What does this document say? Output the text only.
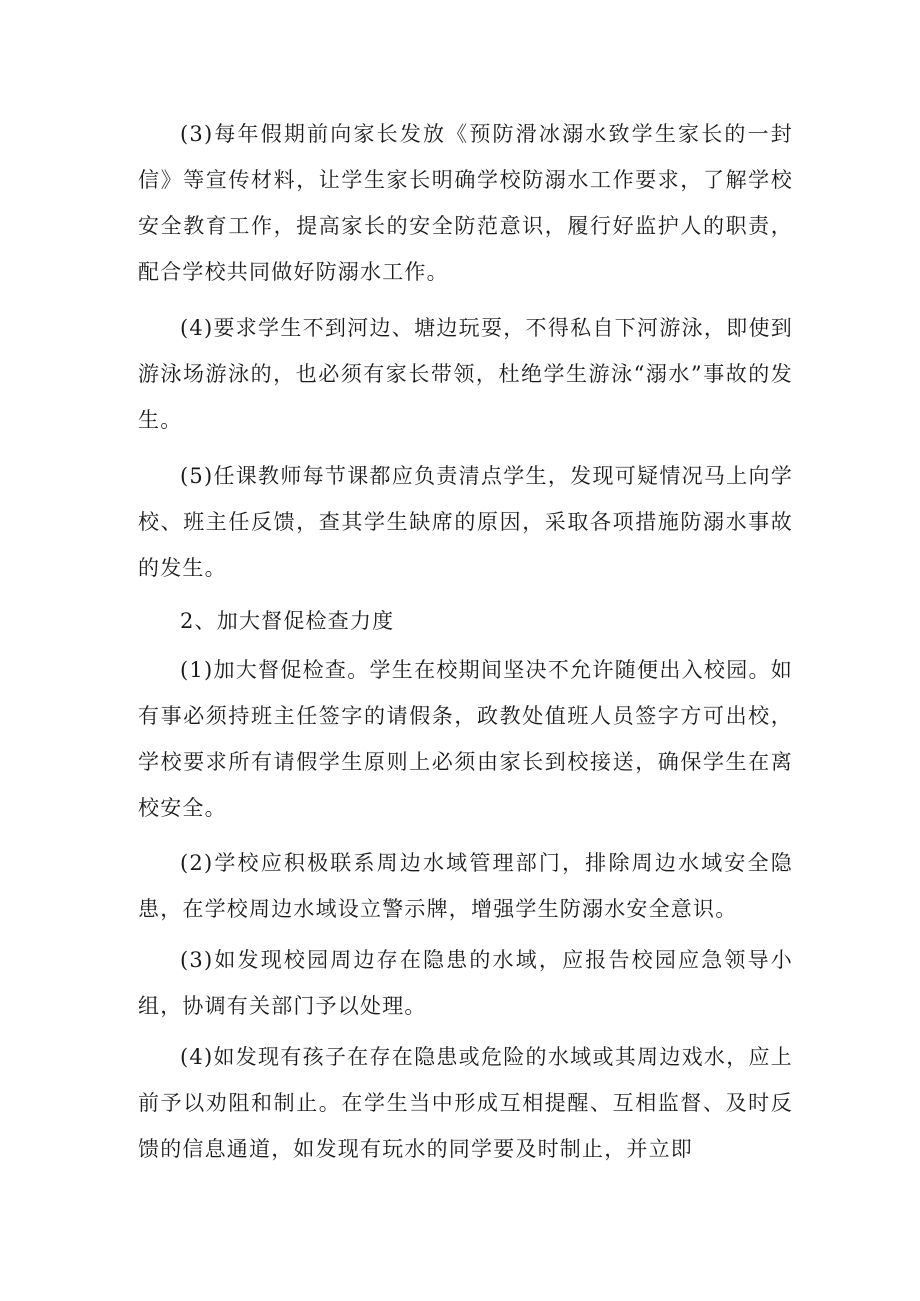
(3)每年假期前向家长发放《预防滑冰溺水致学生家长的一封信》等宣传材料，让学生家长明确学校防溺水工作要求，了解学校安全教育工作，提高家长的安全防范意识，履行好监护人的职责，配合学校共同做好防溺水工作。

(4)要求学生不到河边、塘边玩耍，不得私自下河游泳，即使到游泳场游泳的，也必须有家长带领，杜绝学生游泳“溺水”事故的发生。

(5)任课教师每节课都应负责清点学生，发现可疑情况马上向学校、班主任反馈，查其学生缺席的原因，采取各项措施防溺水事故的发生。

2、加大督促检查力度

(1)加大督促检查。学生在校期间坚决不允许随便出入校园。如有事必须持班主任签字的请假条，政教处值班人员签字方可出校，学校要求所有请假学生原则上必须由家长到校接送，确保学生在离校安全。

(2)学校应积极联系周边水域管理部门，排除周边水域安全隐患，在学校周边水域设立警示牌，增强学生防溺水安全意识。

(3)如发现校园周边存在隐患的水域，应报告校园应急领导小组，协调有关部门予以处理。

(4)如发现有孩子在存在隐患或危险的水域或其周边戏水，应上前予以劝阻和制止。在学生当中形成互相提醒、互相监督、及时反馈的信息通道，如发现有玩水的同学要及时制止，并立即
